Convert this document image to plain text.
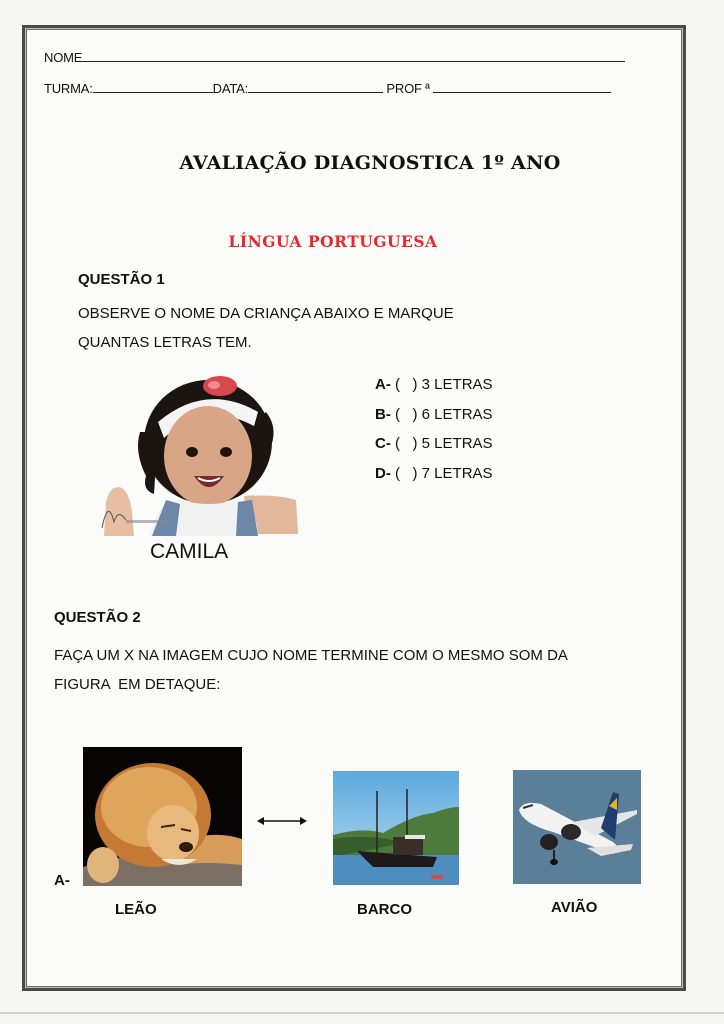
NOME
TURMA:	DATA:	PROF ª
AVALIAÇÃO DIAGNOSTICA 1º ANO
LÍNGUA PORTUGUESA
QUESTÃO 1
OBSERVE O NOME DA CRIANÇA ABAIXO E MARQUE
QUANTAS LETRAS TEM.
CAMILA
A- (   ) 3 LETRAS
B- (   ) 6 LETRAS
C- (   ) 5 LETRAS
D- (   ) 7 LETRAS
QUESTÃO 2
FAÇA UM X NA IMAGEM CUJO NOME TERMINE COM O MESMO SOM DA
FIGURA  EM DETAQUE:
A-
LEÃO	BARCO	AVIÃO
